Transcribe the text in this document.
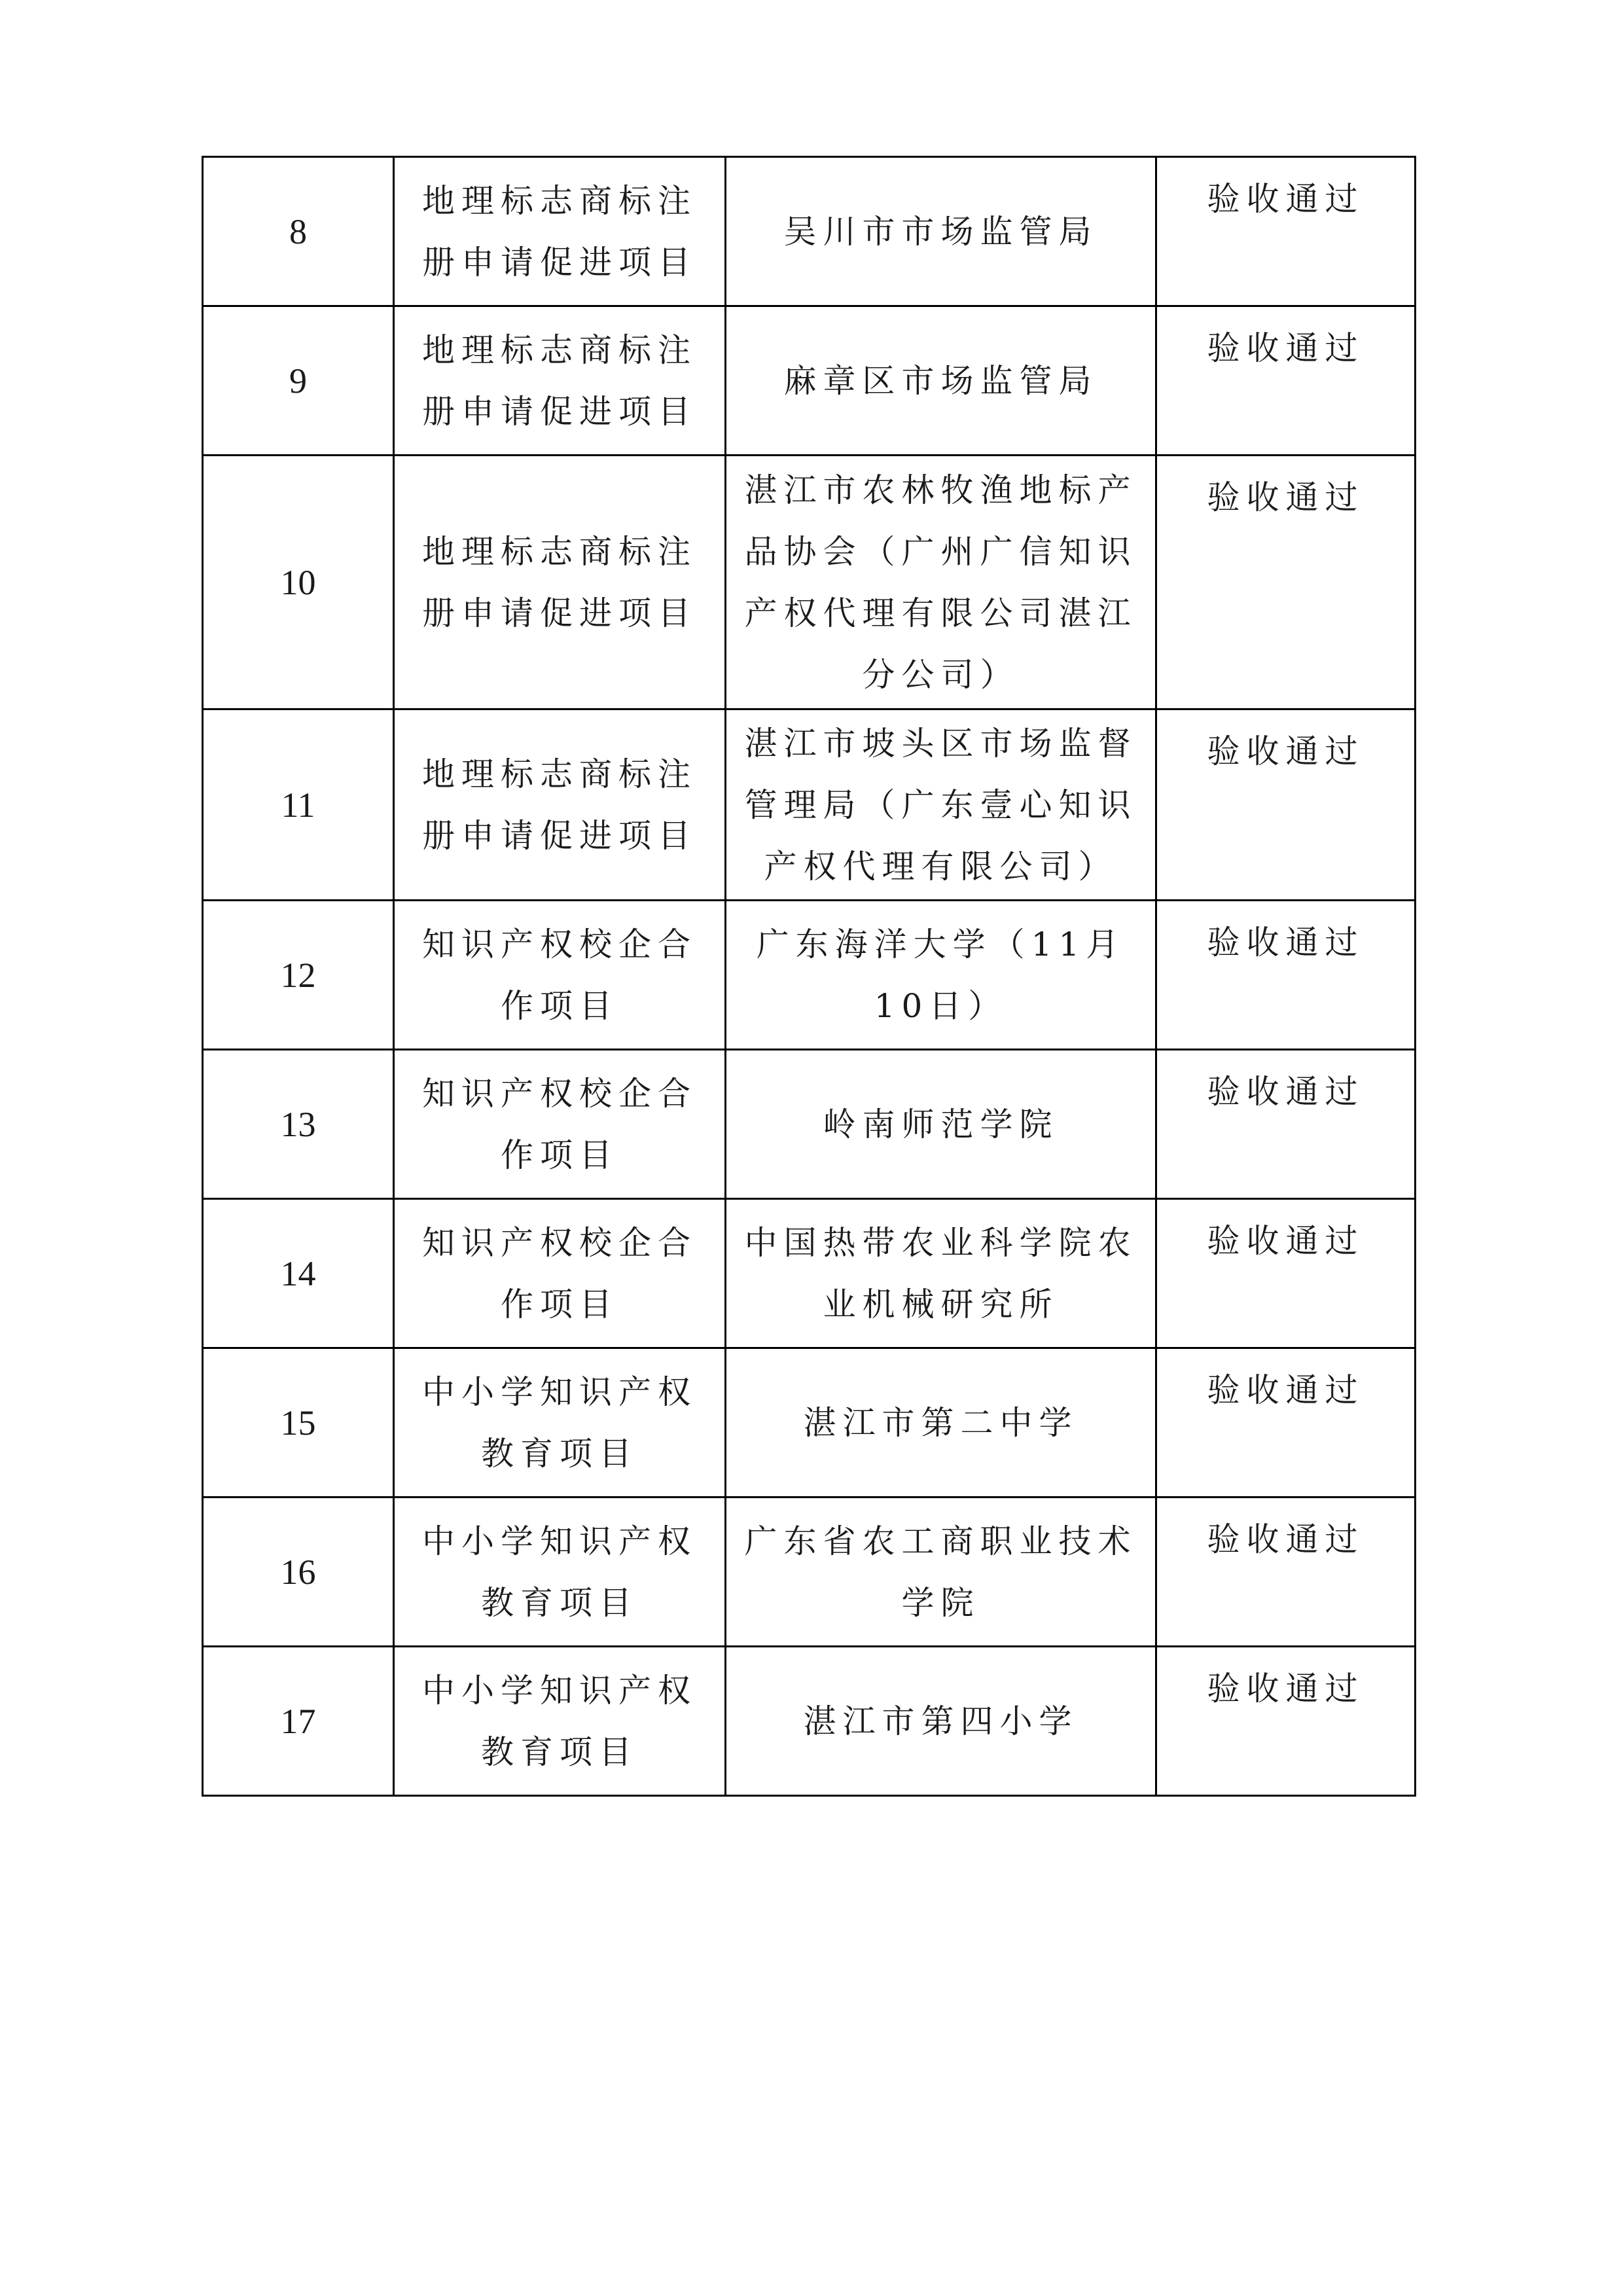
8	地理标志商标注册申请促进项目	吴川市市场监管局	验收通过
9	地理标志商标注册申请促进项目	麻章区市场监管局	验收通过
10	地理标志商标注册申请促进项目	湛江市农林牧渔地标产品协会（广州广信知识产权代理有限公司湛江分公司）	验收通过
11	地理标志商标注册申请促进项目	湛江市坡头区市场监督管理局（广东壹心知识产权代理有限公司）	验收通过
12	知识产权校企合作项目	广东海洋大学（11月10日）	验收通过
13	知识产权校企合作项目	岭南师范学院	验收通过
14	知识产权校企合作项目	中国热带农业科学院农业机械研究所	验收通过
15	中小学知识产权教育项目	湛江市第二中学	验收通过
16	中小学知识产权教育项目	广东省农工商职业技术学院	验收通过
17	中小学知识产权教育项目	湛江市第四小学	验收通过
